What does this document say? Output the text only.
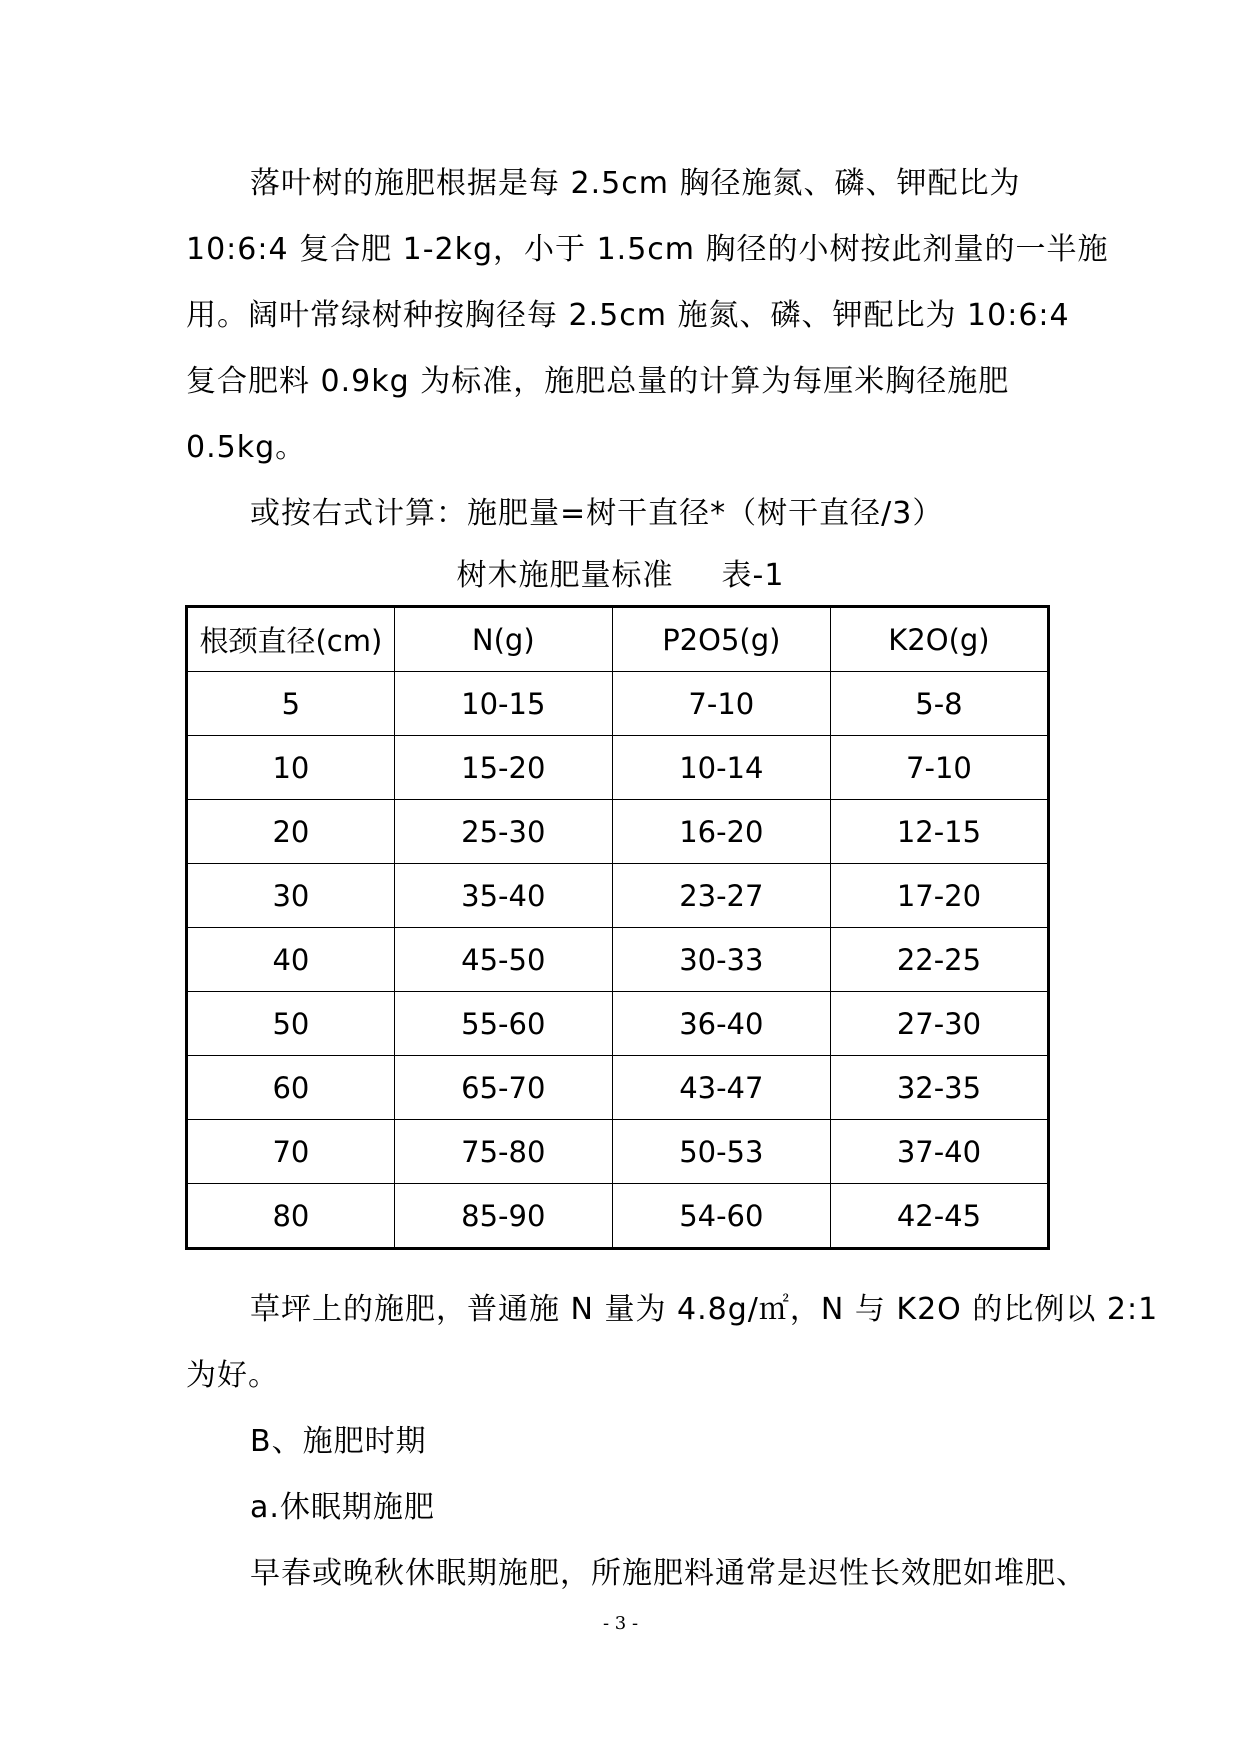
落叶树的施肥根据是每 2.5cm 胸径施氮、磷、钾配比为

10:6:4 复合肥 1-2kg，小于 1.5cm 胸径的小树按此剂量的一半施

用。阔叶常绿树种按胸径每 2.5cm 施氮、磷、钾配比为 10:6:4

复合肥料 0.9kg 为标准，施肥总量的计算为每厘米胸径施肥

0.5kg。

或按右式计算：施肥量=树干直径*（树干直径/3）

树木施肥量标准 表-1
根颈直径(cm)	N(g)	P2O5(g)	K2O(g)
5	10-15	7-10	5-8
10	15-20	10-14	7-10
20	25-30	16-20	12-15
30	35-40	23-27	17-20
40	45-50	30-33	22-25
50	55-60	36-40	27-30
60	65-70	43-47	32-35
70	75-80	50-53	37-40
80	85-90	54-60	42-45

草坪上的施肥，普通施 N 量为 4.8g/㎡，N 与 K2O 的比例以 2:1

为好。

B、施肥时期

a.休眠期施肥

早春或晚秋休眠期施肥，所施肥料通常是迟性长效肥如堆肥、

- 3 -
